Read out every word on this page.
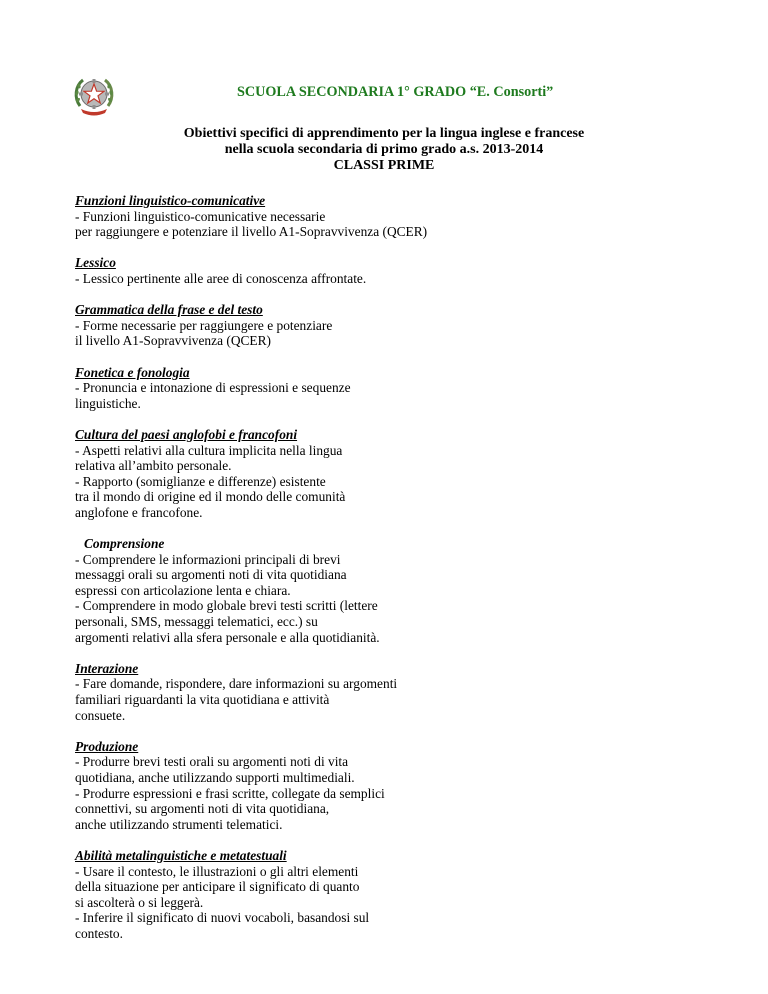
SCUOLA SECONDARIA 1° GRADO “E. Consorti”
Obiettivi specifici di apprendimento per la lingua inglese e francese
nella scuola secondaria di primo grado a.s. 2013-2014
CLASSI PRIME
Funzioni linguistico-comunicative
- Funzioni linguistico-comunicative necessarie
per raggiungere e potenziare il livello A1-Sopravvivenza (QCER)
Lessico
- Lessico pertinente alle aree di conoscenza affrontate.
Grammatica della frase e del testo
- Forme necessarie per raggiungere e potenziare
il livello A1-Sopravvivenza (QCER)
Fonetica e fonologia
- Pronuncia e intonazione di espressioni e sequenze
linguistiche.
Cultura del paesi anglofobi e francofoni
- Aspetti relativi alla cultura implicita nella lingua
relativa all’ambito personale.
- Rapporto (somiglianze e differenze) esistente
tra il mondo di origine ed il mondo delle comunità
anglofone e francofone.
Comprensione
- Comprendere le informazioni principali di brevi
messaggi orali su argomenti noti di vita quotidiana
espressi con articolazione lenta e chiara.
- Comprendere in modo globale brevi testi scritti (lettere
personali, SMS, messaggi telematici, ecc.) su
argomenti relativi alla sfera personale e alla quotidianità.
Interazione
- Fare domande, rispondere, dare informazioni su argomenti
familiari riguardanti la vita quotidiana e attività
consuete.
Produzione
- Produrre brevi testi orali su argomenti noti di vita
quotidiana, anche utilizzando supporti multimediali.
- Produrre espressioni e frasi scritte, collegate da semplici
connettivi, su argomenti noti di vita quotidiana,
anche utilizzando strumenti telematici.
Abilità metalinguistiche e metatestuali
- Usare il contesto, le illustrazioni o gli altri elementi
della situazione per anticipare il significato di quanto
si ascolterà o si leggerà.
- Inferire il significato di nuovi vocaboli, basandosi sul
contesto.
